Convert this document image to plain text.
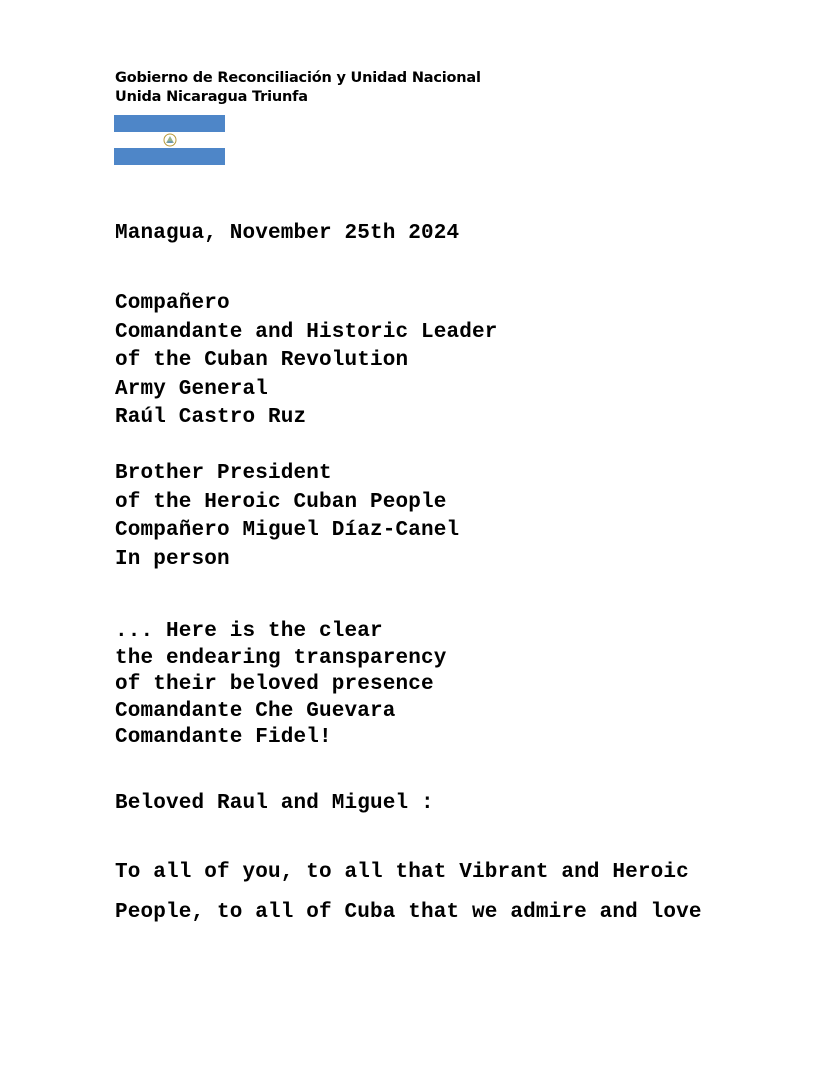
Gobierno de Reconciliación y Unidad Nacional
Unida Nicaragua Triunfa
Managua, November 25th 2024
Compañero
Comandante and Historic Leader
of the Cuban Revolution
Army General
Raúl Castro Ruz
Brother President
of the Heroic Cuban People
Compañero Miguel Díaz-Canel
In person
... Here is the clear
the endearing transparency
of their beloved presence
Comandante Che Guevara
Comandante Fidel!
Beloved Raul and Miguel :
To all of you, to all that Vibrant and Heroic
People, to all of Cuba that we admire and love
